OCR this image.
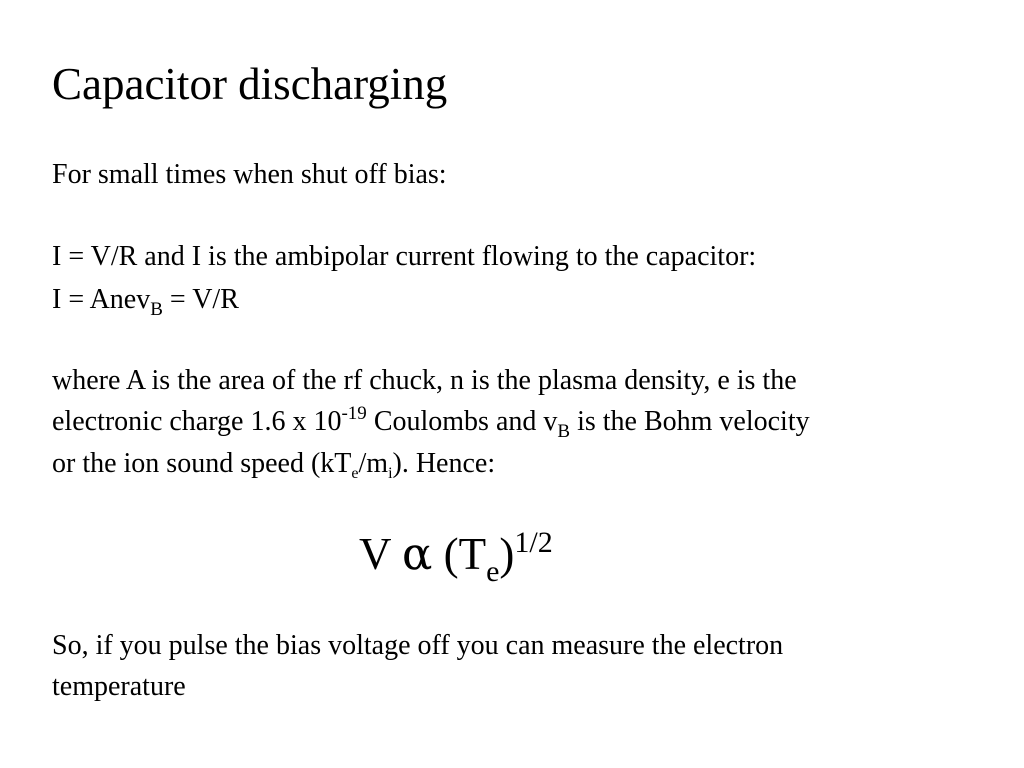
Capacitor discharging
For small times when shut off bias:
I = V/R and I is the ambipolar current flowing to the capacitor:
I = Anev$_B$ = V/R
where A is the area of the rf chuck, n is the plasma density, e is the
electronic charge 1.6 x $10^{-19}$ Coulombs and $v_B$ is the Bohm velocity
or the ion sound speed $(kT_e/m_i)$. Hence:
V α $(T_e)^{1/2}$
So, if you pulse the bias voltage off you can measure the electron
temperature
